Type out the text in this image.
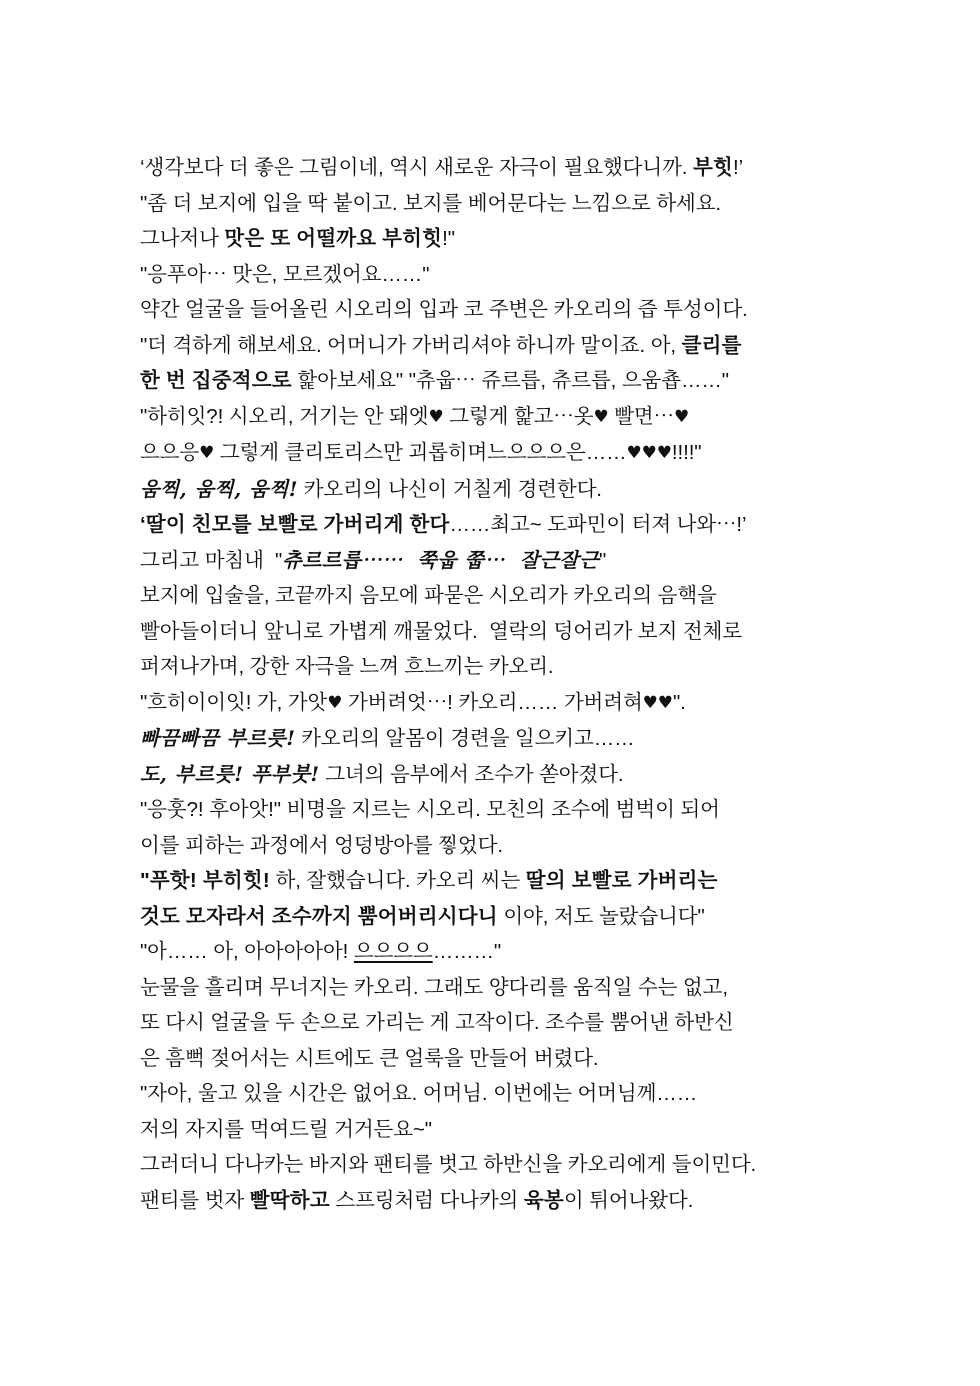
‘생각보다 더 좋은 그림이네, 역시 새로운 자극이 필요했다니까. 부힛!’
"좀 더 보지에 입을 딱 붙이고. 보지를 베어문다는 느낌으로 하세요.
그나저나 맛은 또 어떨까요 부히힛!"
"응푸아⋯ 맛은, 모르겠어요……"
약간 얼굴을 들어올린 시오리의 입과 코 주변은 카오리의 즙 투성이다.
"더 격하게 해보세요. 어머니가 가버리셔야 하니까 말이죠. 아, 클리를
한 번 집중적으로 핥아보세요" "츄웁⋯ 쥬르릅, 츄르릅, 으움춉……"
"하히잇?! 시오리, 거기는 안 돼엣♥ 그렇게 핥고⋯옷♥ 빨면⋯♥
으으응♥ 그렇게 클리토리스만 괴롭히며느으으으은……♥♥♥!!!!"
움찍, 움찍, 움찍! 카오리의 나신이 거칠게 경련한다.
‘딸이 친모를 보빨로 가버리게 한다……최고~ 도파민이 터져 나와⋯!’
그리고 마침내  "츄르르릅⋯⋯  쭉웁 쭙⋯  잘근잘근"
보지에 입술을, 코끝까지 음모에 파묻은 시오리가 카오리의 음핵을
빨아들이더니 앞니로 가볍게 깨물었다.  열락의 덩어리가 보지 전체로
퍼져나가며, 강한 자극을 느껴 흐느끼는 카오리.
"흐히이이잇! 가, 가앗♥ 가버려엇⋯! 카오리…… 가버려혀♥♥".
빠끔빠끔 부르릇! 카오리의 알몸이 경련을 일으키고……
도, 부르릇! 푸부붓! 그녀의 음부에서 조수가 쏟아졌다.
"응훗?! 후아앗!" 비명을 지르는 시오리. 모친의 조수에 범벅이 되어
이를 피하는 과정에서 엉덩방아를 찧었다.
"푸핫! 부히힛! 하, 잘했습니다. 카오리 씨는 딸의 보빨로 가버리는
것도 모자라서 조수까지 뿜어버리시다니 이야, 저도 놀랐습니다"
"아…… 아, 아아아아아! 으으으으………"
눈물을 흘리며 무너지는 카오리. 그래도 양다리를 움직일 수는 없고,
또 다시 얼굴을 두 손으로 가리는 게 고작이다. 조수를 뿜어낸 하반신
은 흠뻑 젖어서는 시트에도 큰 얼룩을 만들어 버렸다.
"자아, 울고 있을 시간은 없어요. 어머님. 이번에는 어머님께……
저의 자지를 먹여드릴 거거든요~"
그러더니 다나카는 바지와 팬티를 벗고 하반신을 카오리에게 들이민다.
팬티를 벗자 빨딱하고 스프링처럼 다나카의 육봉이 튀어나왔다.
